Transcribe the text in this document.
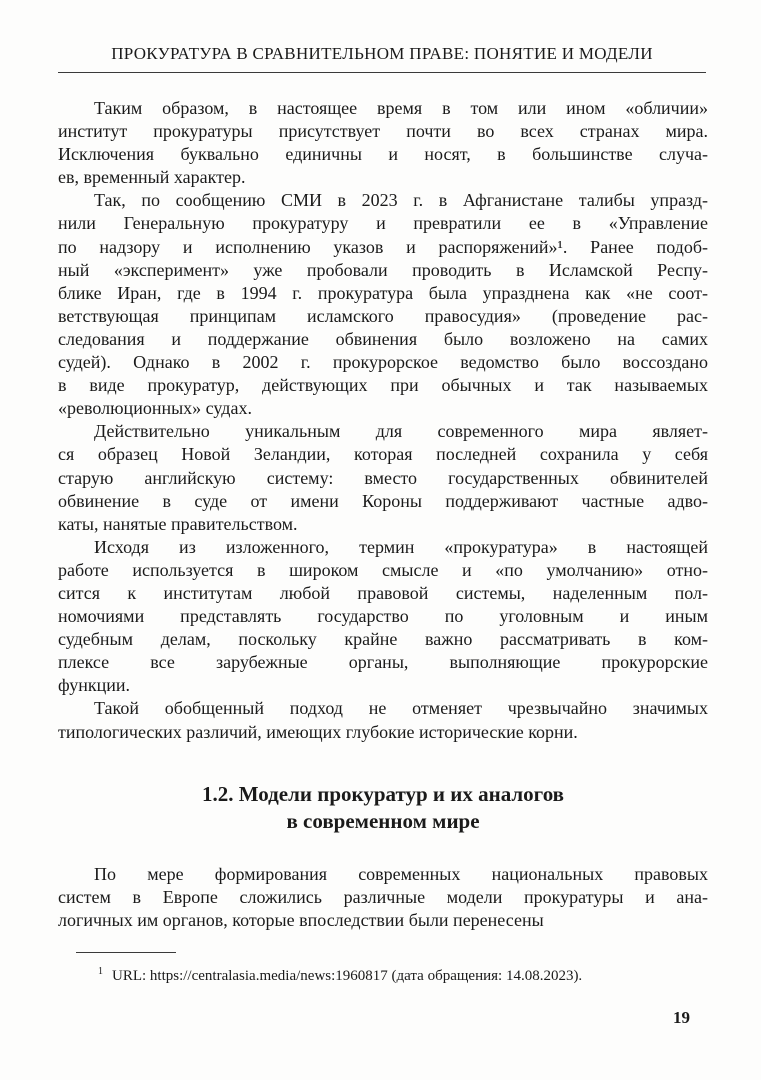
ПРОКУРАТУРА В СРАВНИТЕЛЬНОМ ПРАВЕ: ПОНЯТИЕ И МОДЕЛИ
Таким образом, в настоящее время в том или ином «обличии»
институт прокуратуры присутствует почти во всех странах мира.
Исключения буквально единичны и носят, в большинстве случа-
ев, временный характер.
Так, по сообщению СМИ в 2023 г. в Афганистане талибы упразд-
нили Генеральную прокуратуру и превратили ее в «Управление
по надзору и исполнению указов и распоряжений»¹. Ранее подоб-
ный «эксперимент» уже пробовали проводить в Исламской Респу-
блике Иран, где в 1994 г. прокуратура была упразднена как «не соот-
ветствующая принципам исламского правосудия» (проведение рас-
следования и поддержание обвинения было возложено на самих
судей). Однако в 2002 г. прокурорское ведомство было воссоздано
в виде прокуратур, действующих при обычных и так называемых
«революционных» судах.
Действительно уникальным для современного мира являет-
ся образец Новой Зеландии, которая последней сохранила у себя
старую английскую систему: вместо государственных обвинителей
обвинение в суде от имени Короны поддерживают частные адво-
каты, нанятые правительством.
Исходя из изложенного, термин «прокуратура» в настоящей
работе используется в широком смысле и «по умолчанию» отно-
сится к институтам любой правовой системы, наделенным пол-
номочиями представлять государство по уголовным и иным
судебным делам, поскольку крайне важно рассматривать в ком-
плексе все зарубежные органы, выполняющие прокурорские
функции.
Такой обобщенный подход не отменяет чрезвычайно значимых
типологических различий, имеющих глубокие исторические корни.
1.2. Модели прокуратур и их аналогов
в современном мире
По мере формирования современных национальных правовых
систем в Европе сложились различные модели прокуратуры и ана-
логичных им органов, которые впоследствии были перенесены
$^1$ URL: https://centralasia.media/news:1960817 (дата обращения: 14.08.2023).
19
